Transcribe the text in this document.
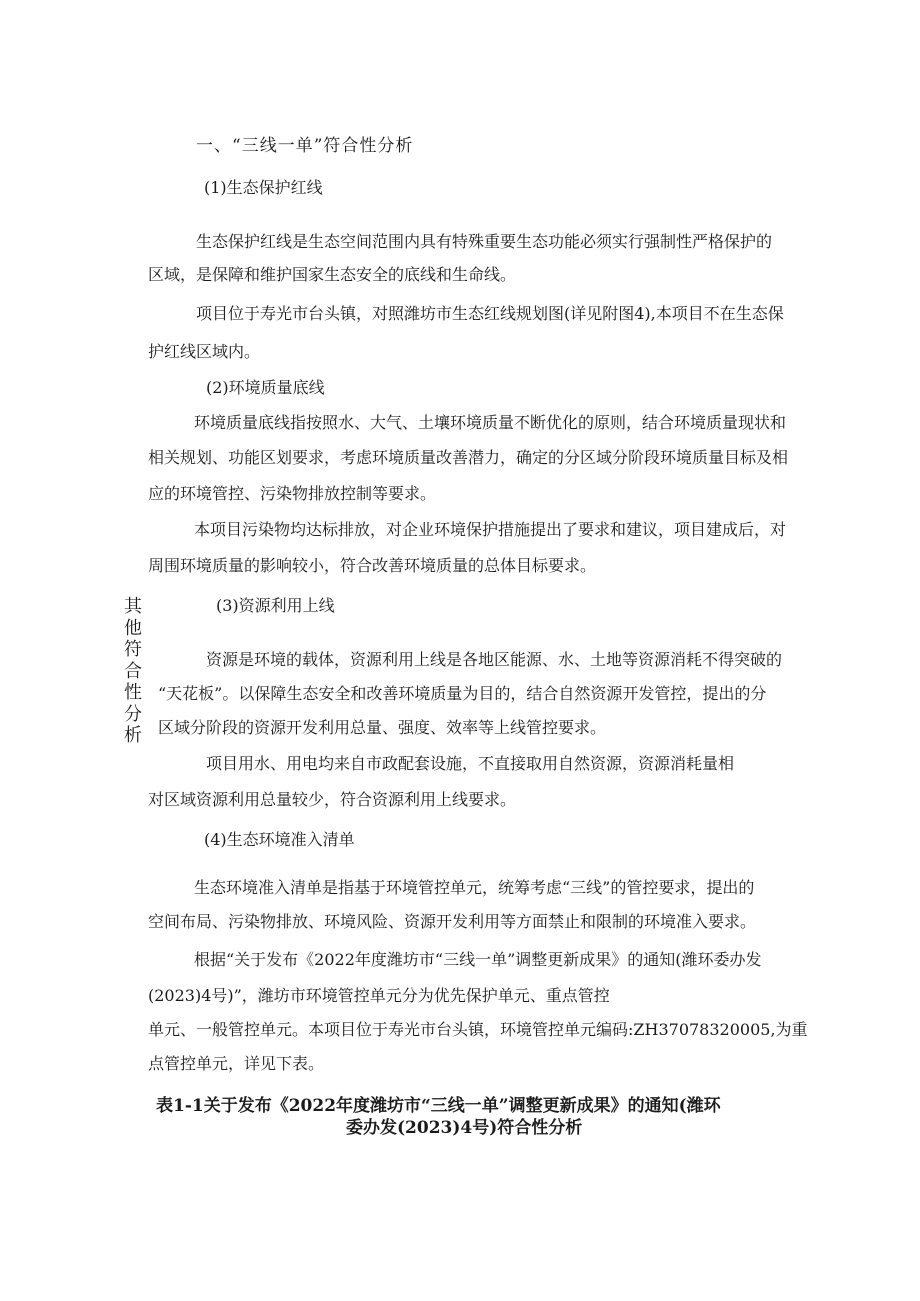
一、“三线一单”符合性分析
其他符合性分析
(1)生态保护红线
生态保护红线是生态空间范围内具有特殊重要生态功能必须实行强制性严格保护的
区域，是保障和维护国家生态安全的底线和生命线。
项目位于寿光市台头镇，对照潍坊市生态红线规划图(详见附图4),本项目不在生态保
护红线区域内。
(2)环境质量底线
环境质量底线指按照水、大气、土壤环境质量不断优化的原则，结合环境质量现状和
相关规划、功能区划要求，考虑环境质量改善潜力，确定的分区域分阶段环境质量目标及相
应的环境管控、污染物排放控制等要求。
本项目污染物均达标排放，对企业环境保护措施提出了要求和建议，项目建成后，对
周围环境质量的影响较小，符合改善环境质量的总体目标要求。
(3)资源利用上线
资源是环境的载体，资源利用上线是各地区能源、水、土地等资源消耗不得突破的
“天花板”。以保障生态安全和改善环境质量为目的，结合自然资源开发管控，提出的分
区域分阶段的资源开发利用总量、强度、效率等上线管控要求。
项目用水、用电均来自市政配套设施，不直接取用自然资源，资源消耗量相
对区域资源利用总量较少，符合资源利用上线要求。
(4)生态环境准入清单
生态环境准入清单是指基于环境管控单元，统筹考虑“三线”的管控要求，提出的
空间布局、污染物排放、环境风险、资源开发利用等方面禁止和限制的环境准入要求。
根据“关于发布《2022年度潍坊市“三线一单”调整更新成果》的通知(潍环委办发
(2023)4号)”，潍坊市环境管控单元分为优先保护单元、重点管控
单元、一般管控单元。本项目位于寿光市台头镇，环境管控单元编码:ZH37078320005,为重
点管控单元，详见下表。
表1-1关于发布《2022年度潍坊市“三线一单”调整更新成果》的通知(潍环
委办发(2023)4号)符合性分析
